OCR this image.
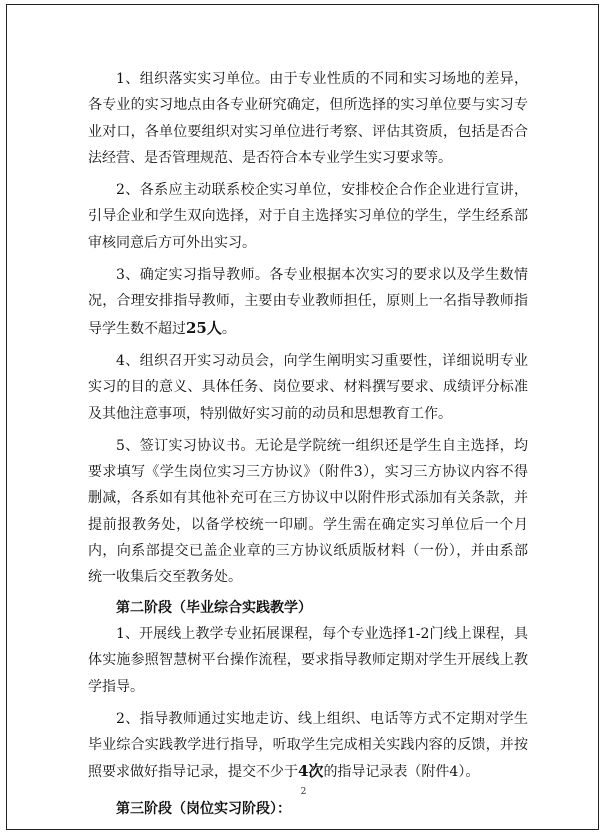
1、组织落实实习单位。由于专业性质的不同和实习场地的差异，各专业的实习地点由各专业研究确定，但所选择的实习单位要与实习专业对口，各单位要组织对实习单位进行考察、评估其资质，包括是否合法经营、是否管理规范、是否符合本专业学生实习要求等。

2、各系应主动联系校企实习单位，安排校企合作企业进行宣讲，引导企业和学生双向选择，对于自主选择实习单位的学生，学生经系部审核同意后方可外出实习。

3、确定实习指导教师。各专业根据本次实习的要求以及学生数情况，合理安排指导教师，主要由专业教师担任，原则上一名指导教师指导学生数不超过25人。

4、组织召开实习动员会，向学生阐明实习重要性，详细说明专业实习的目的意义、具体任务、岗位要求、材料撰写要求、成绩评分标准及其他注意事项，特别做好实习前的动员和思想教育工作。

5、签订实习协议书。无论是学院统一组织还是学生自主选择，均要求填写《学生岗位实习三方协议》（附件3），实习三方协议内容不得删减，各系如有其他补充可在三方协议中以附件形式添加有关条款，并提前报教务处，以备学校统一印刷。学生需在确定实习单位后一个月内，向系部提交已盖企业章的三方协议纸质版材料（一份），并由系部统一收集后交至教务处。

第二阶段（毕业综合实践教学）

1、开展线上教学专业拓展课程，每个专业选择1-2门线上课程，具体实施参照智慧树平台操作流程，要求指导教师定期对学生开展线上教学指导。

2、指导教师通过实地走访、线上组织、电话等方式不定期对学生毕业综合实践教学进行指导，听取学生完成相关实践内容的反馈，并按照要求做好指导记录，提交不少于4次的指导记录表（附件4）。

第三阶段（岗位实习阶段）：

2
